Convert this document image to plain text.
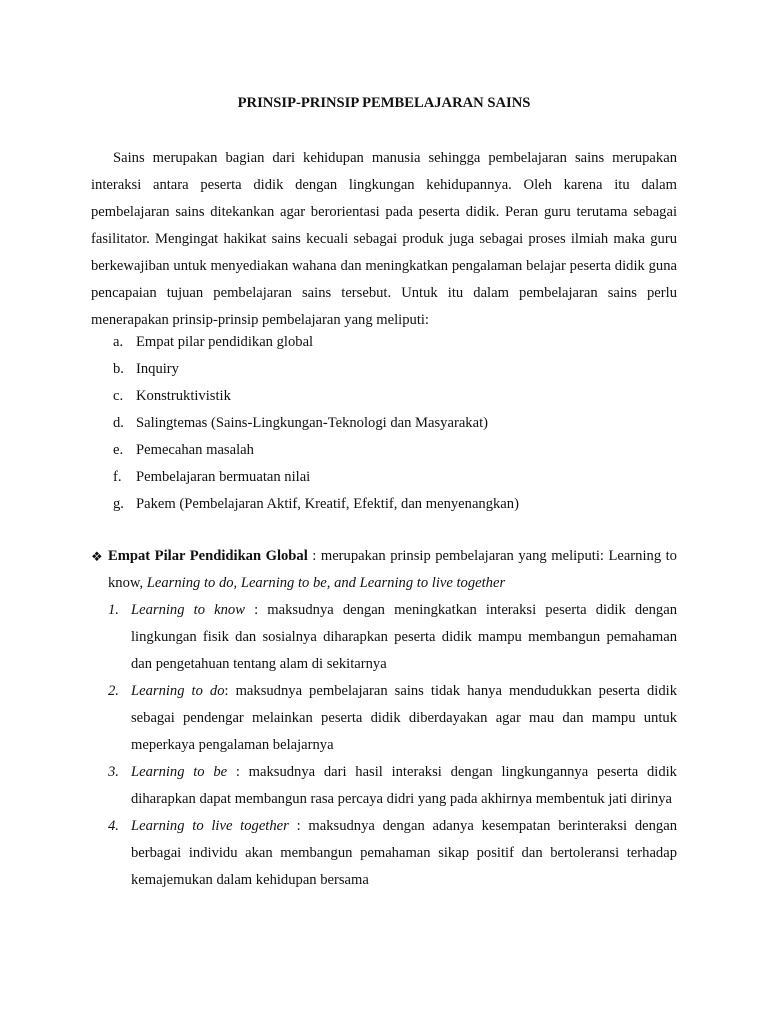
PRINSIP-PRINSIP PEMBELAJARAN SAINS

Sains merupakan bagian dari kehidupan manusia sehingga pembelajaran sains merupakan interaksi antara peserta didik dengan lingkungan kehidupannya. Oleh karena itu dalam pembelajaran sains ditekankan agar berorientasi pada peserta didik. Peran guru terutama sebagai fasilitator. Mengingat hakikat sains kecuali sebagai produk juga sebagai proses ilmiah maka guru berkewajiban untuk menyediakan wahana dan meningkatkan pengalaman belajar peserta didik guna pencapaian tujuan pembelajaran sains tersebut. Untuk itu dalam pembelajaran sains perlu menerapakan prinsip-prinsip pembelajaran yang meliputi:

a. Empat pilar pendidikan global
b. Inquiry
c. Konstruktivistik
d. Salingtemas (Sains-Lingkungan-Teknologi dan Masyarakat)
e. Pemecahan masalah
f. Pembelajaran bermuatan nilai
g. Pakem (Pembelajaran Aktif, Kreatif, Efektif, dan menyenangkan)
❖ Empat Pilar Pendidikan Global : merupakan prinsip pembelajaran yang meliputi: Learning to know, Learning to do, Learning to be, and Learning to live together
1. Learning to know : maksudnya dengan meningkatkan interaksi peserta didik dengan lingkungan fisik dan sosialnya diharapkan peserta didik mampu membangun pemahaman dan pengetahuan tentang alam di sekitarnya
2. Learning to do: maksudnya pembelajaran sains tidak hanya mendudukkan peserta didik sebagai pendengar melainkan peserta didik diberdayakan agar mau dan mampu untuk meperkaya pengalaman belajarnya
3. Learning to be : maksudnya dari hasil interaksi dengan lingkungannya peserta didik diharapkan dapat membangun rasa percaya didri yang pada akhirnya membentuk jati dirinya
4. Learning to live together : maksudnya dengan adanya kesempatan berinteraksi dengan berbagai individu akan membangun pemahaman sikap positif dan bertoleransi terhadap kemajemukan dalam kehidupan bersama
